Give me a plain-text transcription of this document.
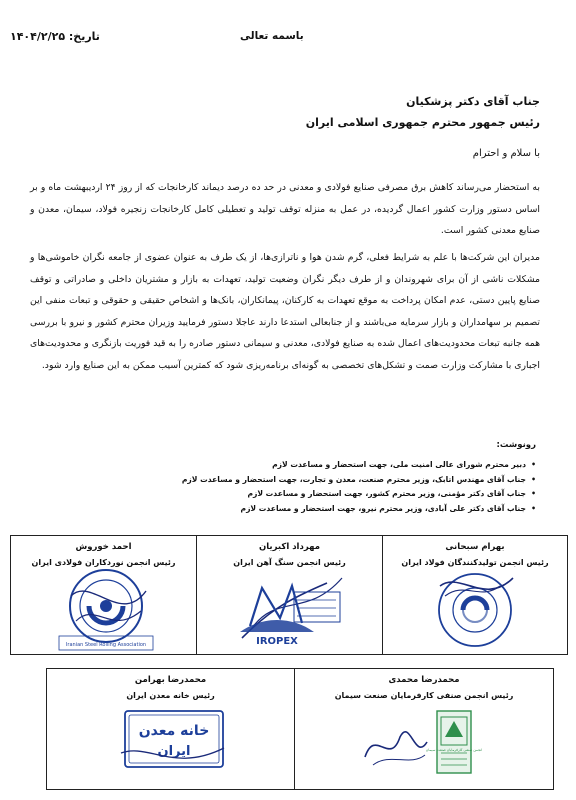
تاریخ: ۱۴۰۴/۲/۲۵	باسمه تعالی
جناب آقای دکتر پزشکیان
رئیس جمهور محترم جمهوری اسلامی ایران
با سلام و احترام
به استحضار می‌رساند کاهش برق مصرفی صنایع فولادی و معدنی در حد ده درصد دیماند کارخانجات که از روز ۲۴ اردیبهشت ماه و بر اساس دستور وزارت کشور اعمال گردیده، در عمل به منزله توقف تولید و تعطیلی کامل کارخانجات زنجیره فولاد، سیمان، معدن و صنایع معدنی کشور است.
مدیران این شرکت‌ها با علم به شرایط فعلی، گرم شدن هوا و ناترازی‌ها، از یک طرف به عنوان عضوی از جامعه نگران خاموشی‌ها و مشکلات ناشی از آن برای شهروندان و از طرف دیگر نگران وضعیت تولید، تعهدات به بازار و مشتریان داخلی و صادراتی و توقف صنایع پایین دستی، عدم امکان پرداخت به موقع تعهدات به کارکنان، پیمانکاران، بانک‌ها و اشخاص حقیقی و حقوقی و تبعات منفی این تصمیم بر سهامداران و بازار سرمایه می‌باشند و از جنابعالی استدعا دارند عاجلا دستور فرمایید وزیران محترم کشور و نیرو با بررسی همه جانبه تبعات محدودیت‌های اعمال شده به صنایع فولادی، معدنی و سیمانی دستور صادره را به قید فوریت بازنگری و محدودیت‌های اجباری با مشارکت وزارت صمت و تشکل‌های تخصصی به گونه‌ای برنامه‌ریزی شود که کمترین آسیب ممکن به این صنایع وارد شود.
رونوشت:
• دبیر محترم شورای عالی امنیت ملی، جهت استحضار و مساعدت لازم
• جناب آقای مهندس اتابک، وزیر محترم صنعت، معدن و تجارت، جهت استحضار و مساعدت لازم
• جناب آقای دکتر مؤمنی، وزیر محترم کشور، جهت استحضار و مساعدت لازم
• جناب آقای دکتر علی آبادی، وزیر محترم نیرو، جهت استحضار و مساعدت لازم
احمد خوروش
رئیس انجمن نوردکاران فولادی ایران
Iranian Steel Rolling Association
مهرداد اکبریان
رئیس انجمن سنگ آهن ایران
IROPEX
بهرام سبحانی
رئیس انجمن تولیدکنندگان فولاد ایران
محمدرضا بهرامن
رئیس خانه معدن ایران
خانه معدن
ایران
محمدرضا محمدی
رئیس انجمن صنفی کارفرمایان صنعت سیمان
انجمن صنفی کارفرمایان صنعت سیمان
